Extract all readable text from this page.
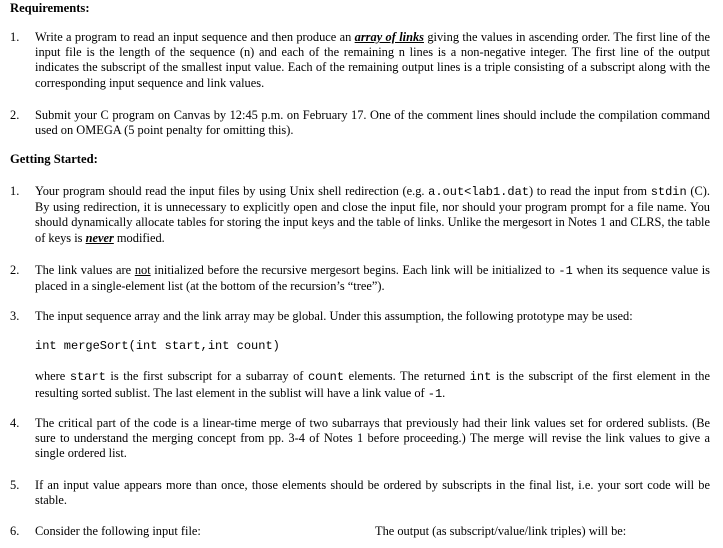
Requirements:
1. Write a program to read an input sequence and then produce an array of links giving the values in ascending order. The first line of the input file is the length of the sequence (n) and each of the remaining n lines is a non-negative integer. The first line of the output indicates the subscript of the smallest input value. Each of the remaining output lines is a triple consisting of a subscript along with the corresponding input sequence and link values.
2. Submit your C program on Canvas by 12:45 p.m. on February 17. One of the comment lines should include the compilation command used on OMEGA (5 point penalty for omitting this).
Getting Started:
1. Your program should read the input files by using Unix shell redirection (e.g. a.out<lab1.dat) to read the input from stdin (C). By using redirection, it is unnecessary to explicitly open and close the input file, nor should your program prompt for a file name. You should dynamically allocate tables for storing the input keys and the table of links. Unlike the mergesort in Notes 1 and CLRS, the table of keys is never modified.
2. The link values are not initialized before the recursive mergesort begins. Each link will be initialized to -1 when its sequence value is placed in a single-element list (at the bottom of the recursion’s “tree”).
3. The input sequence array and the link array may be global. Under this assumption, the following prototype may be used:
int mergeSort(int start,int count)
where start is the first subscript for a subarray of count elements. The returned int is the subscript of the first element in the resulting sorted sublist. The last element in the sublist will have a link value of -1.
4. The critical part of the code is a linear-time merge of two subarrays that previously had their link values set for ordered sublists. (Be sure to understand the merging concept from pp. 3-4 of Notes 1 before proceeding.) The merge will revise the link values to give a single ordered list.
5. If an input value appears more than once, those elements should be ordered by subscripts in the final list, i.e. your sort code will be stable.
6. Consider the following input file:	The output (as subscript/value/link triples) will be:
